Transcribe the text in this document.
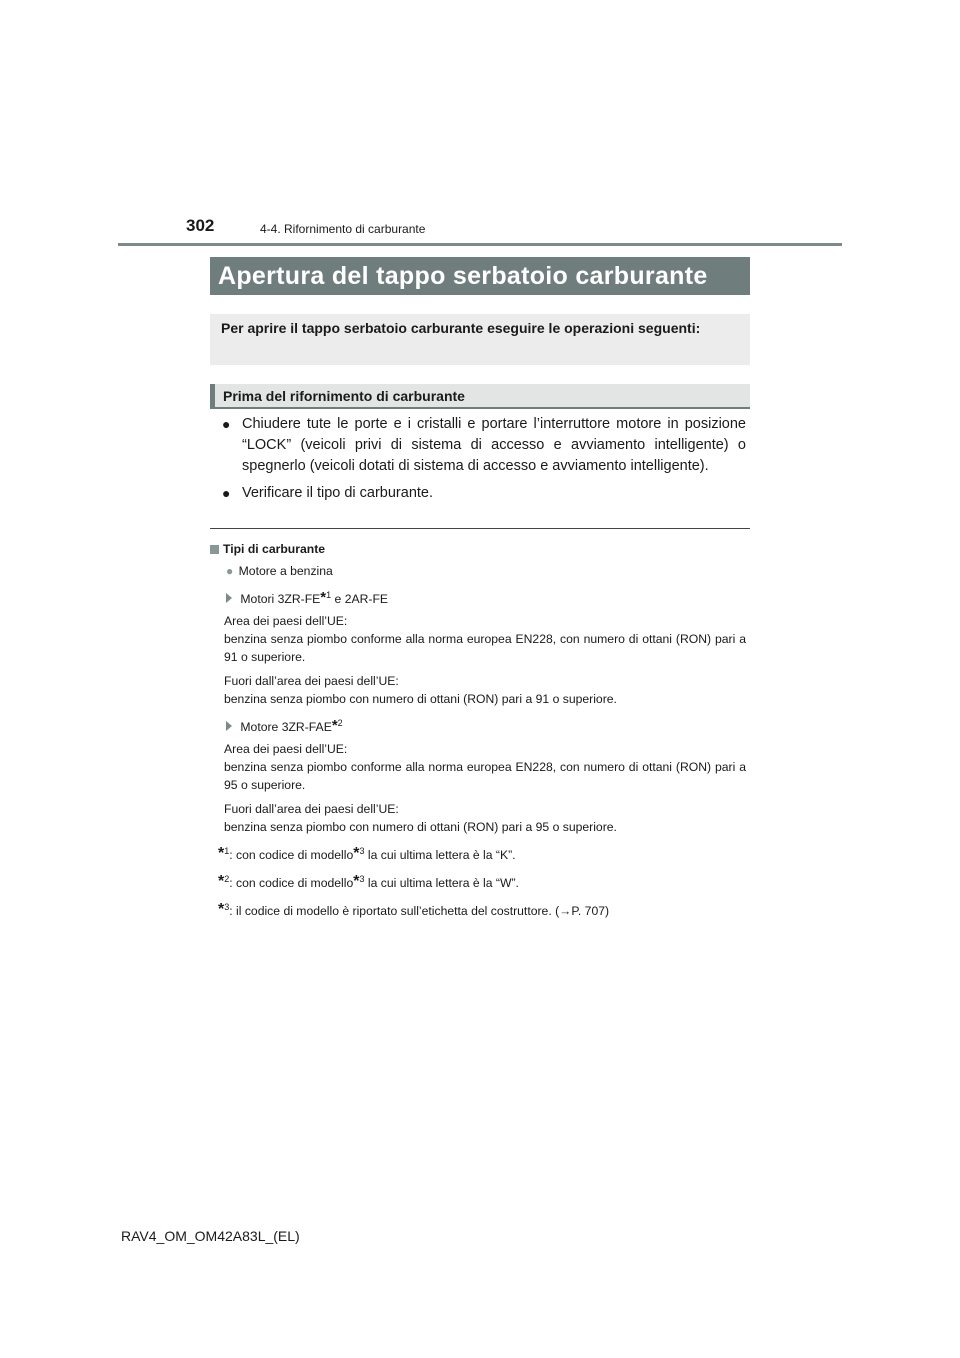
302	4-4. Rifornimento di carburante
Apertura del tappo serbatoio carburante
Per aprire il tappo serbatoio carburante eseguire le operazioni seguenti:
Prima del rifornimento di carburante
● Chiudere tute le porte e i cristalli e portare l’interruttore motore in posizione “LOCK” (veicoli privi di sistema di accesso e avviamento intelligente) o spegnerlo (veicoli dotati di sistema di accesso e avviamento intelligente).
● Verificare il tipo di carburante.
Tipi di carburante
● Motore a benzina
Motori 3ZR-FE*$^1$ e 2AR-FE
Area dei paesi dell’UE:
benzina senza piombo conforme alla norma europea EN228, con numero di ottani (RON) pari a 91 o superiore.
Fuori dall’area dei paesi dell’UE:
benzina senza piombo con numero di ottani (RON) pari a 91 o superiore.
Motore 3ZR-FAE*$^2$
Area dei paesi dell’UE:
benzina senza piombo conforme alla norma europea EN228, con numero di ottani (RON) pari a 95 o superiore.
Fuori dall’area dei paesi dell’UE:
benzina senza piombo con numero di ottani (RON) pari a 95 o superiore.
*$^1$: con codice di modello*$^3$ la cui ultima lettera è la “K”.
*$^2$: con codice di modello*$^3$ la cui ultima lettera è la “W”.
*$^3$: il codice di modello è riportato sull’etichetta del costruttore. (→P. 707)
RAV4_OM_OM42A83L_(EL)
